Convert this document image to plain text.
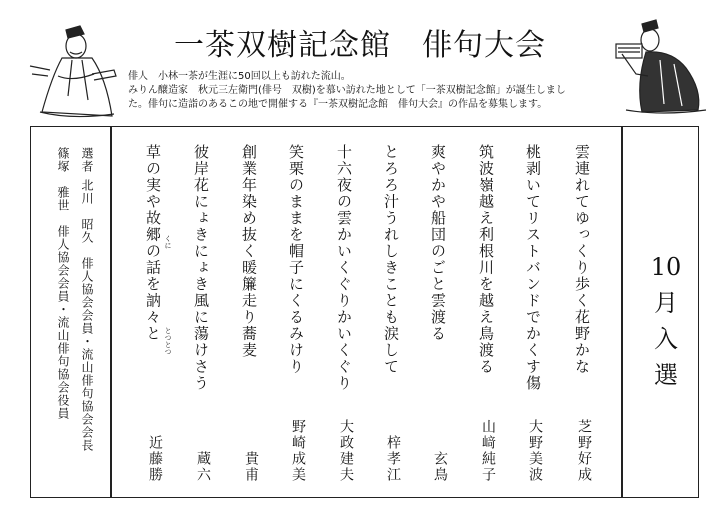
一茶双樹記念館　俳句大会
俳人　小林一茶が生涯に50回以上も訪れた流山。
みりん醸造家　秋元三左衛門(俳号　双樹)を慕い訪れた地として「一茶双樹記念館」が誕生しまし
た。俳句に造詣のあるこの地で開催する『一茶双樹記念館　俳句大会』の作品を募集します。
10
月
入
選
雲連れてゆっくり歩く花野かな
芝野好成
桃剥いてリストバンドでかくす傷
大野美波
筑波嶺越え利根川を越え鳥渡る
山﨑純子
爽やかや船団のごと雲渡る
玄鳥
とろろ汁うれしきことも涙して
梓孝江
十六夜の雲かいくぐりかいくぐり
大政建夫
笑栗のままを帽子にくるみけり
野崎成美
創業年染め抜く暖簾走り蕎麦
貴甫
彼岸花にょきにょき風に蕩けさう
蔵六
草の実や故郷の話を訥々と
近藤勝
くに
とつとつ
選者
北川　昭久　俳人協会会員・流山俳句協会会長
篠塚　雅世　俳人協会会員・流山俳句協会役員
